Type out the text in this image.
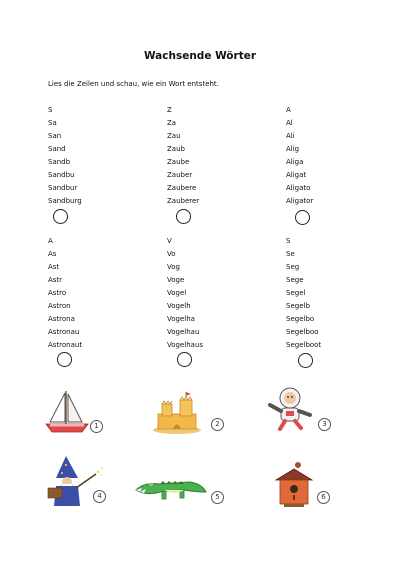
Wachsende Wörter
Lies die Zeilen und schau, wie ein Wort entsteht.
S
Sa
San
Sand
Sandb
Sandbu
Sandbur
Sandburg
Z
Za
Zau
Zaub
Zaube
Zauber
Zaubere
Zauberer
A
Al
Ali
Alig
Aliga
Aligat
Aligato
Aligator
A
As
Ast
Astr
Astro
Astron
Astrona
Astronau
Astronaut
V
Vo
Vog
Voge
Vogel
Vogelh
Vogelha
Vogelhau
Vogelhaus
S
Se
Seg
Sege
Segel
Segelb
Segelbo
Segelboo
Segelboot
1	2	3
4	5	6
